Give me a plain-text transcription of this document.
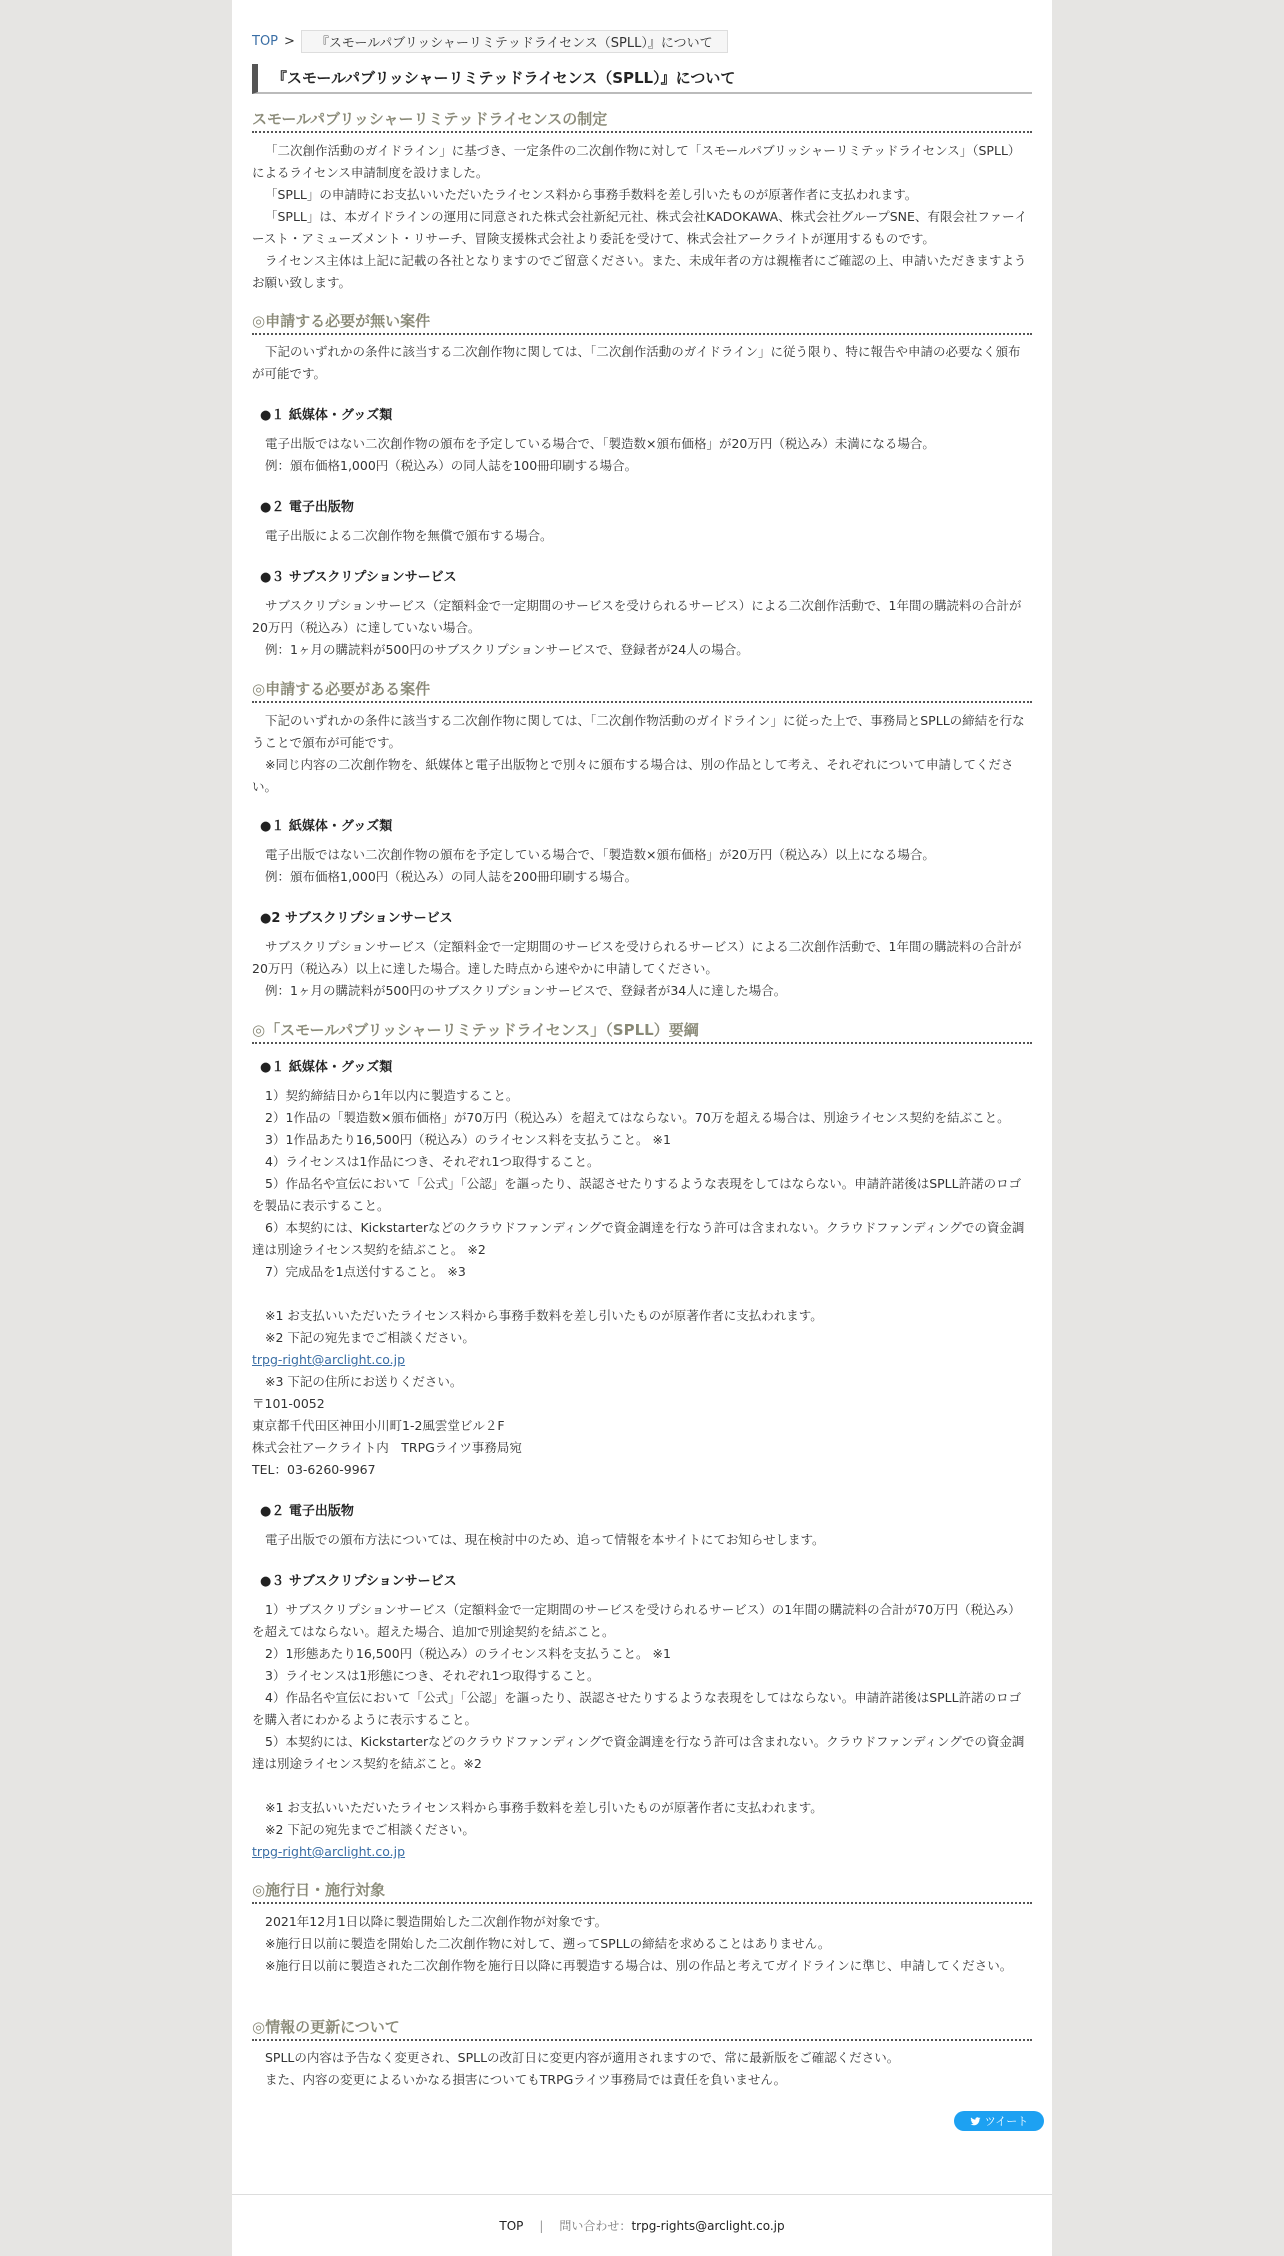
TOP >	『スモールパブリッシャーリミテッドライセンス（SPLL）』について
『スモールパブリッシャーリミテッドライセンス（SPLL）』について
スモールパブリッシャーリミテッドライセンスの制定

「二次創作活動のガイドライン」に基づき、一定条件の二次創作物に対して「スモールパブリッシャーリミテッドライセンス」（SPLL）によるライセンス申請制度を設けました。

「SPLL」の申請時にお支払いいただいたライセンス料から事務手数料を差し引いたものが原著作者に支払われます。

「SPLL」は、本ガイドラインの運用に同意された株式会社新紀元社、株式会社KADOKAWA、株式会社グループSNE、有限会社ファーイースト・アミューズメント・リサーチ、冒険支援株式会社より委託を受けて、株式会社アークライトが運用するものです。

ライセンス主体は上記に記載の各社となりますのでご留意ください。また、未成年者の方は親権者にご確認の上、申請いただきますようお願い致します。

◎申請する必要が無い案件

下記のいずれかの条件に該当する二次創作物に関しては、「二次創作活動のガイドライン」に従う限り、特に報告や申請の必要なく頒布が可能です。

●１ 紙媒体・グッズ類

電子出版ではない二次創作物の頒布を予定している場合で、「製造数×頒布価格」が20万円（税込み）未満になる場合。

例：頒布価格1,000円（税込み）の同人誌を100冊印刷する場合。

●２ 電子出版物

電子出版による二次創作物を無償で頒布する場合。

●３ サブスクリプションサービス

サブスクリプションサービス（定額料金で一定期間のサービスを受けられるサービス）による二次創作活動で、1年間の購読料の合計が20万円（税込み）に達していない場合。

例：1ヶ月の購読料が500円のサブスクリプションサービスで、登録者が24人の場合。

◎申請する必要がある案件

下記のいずれかの条件に該当する二次創作物に関しては、「二次創作物活動のガイドライン」に従った上で、事務局とSPLLの締結を行なうことで頒布が可能です。

※同じ内容の二次創作物を、紙媒体と電子出版物とで別々に頒布する場合は、別の作品として考え、それぞれについて申請してください。

●１ 紙媒体・グッズ類

電子出版ではない二次創作物の頒布を予定している場合で、「製造数×頒布価格」が20万円（税込み）以上になる場合。

例：頒布価格1,000円（税込み）の同人誌を200冊印刷する場合。

●2 サブスクリプションサービス

サブスクリプションサービス（定額料金で一定期間のサービスを受けられるサービス）による二次創作活動で、1年間の購読料の合計が20万円（税込み）以上に達した場合。達した時点から速やかに申請してください。

例：1ヶ月の購読料が500円のサブスクリプションサービスで、登録者が34人に達した場合。

◎「スモールパブリッシャーリミテッドライセンス」（SPLL）要綱
●１ 紙媒体・グッズ類

1）契約締結日から1年以内に製造すること。

2）1作品の「製造数×頒布価格」が70万円（税込み）を超えてはならない。70万を超える場合は、別途ライセンス契約を結ぶこと。

3）1作品あたり16,500円（税込み）のライセンス料を支払うこと。 ※1

4）ライセンスは1作品につき、それぞれ1つ取得すること。

5）作品名や宣伝において「公式」「公認」を謳ったり、誤認させたりするような表現をしてはならない。申請許諾後はSPLL許諾のロゴを製品に表示すること。

6）本契約には、Kickstarterなどのクラウドファンディングで資金調達を行なう許可は含まれない。クラウドファンディングでの資金調達は別途ライセンス契約を結ぶこと。 ※2

7）完成品を1点送付すること。 ※3

※1 お支払いいただいたライセンス料から事務手数料を差し引いたものが原著作者に支払われます。

※2 下記の宛先までご相談ください。

trpg-right@arclight.co.jp

※3 下記の住所にお送りください。

〒101-0052

東京都千代田区神田小川町1-2風雲堂ビル２F

株式会社アークライト内　TRPGライツ事務局宛

TEL：03-6260-9967

●２ 電子出版物

電子出版での頒布方法については、現在検討中のため、追って情報を本サイトにてお知らせします。

●３ サブスクリプションサービス

1）サブスクリプションサービス（定額料金で一定期間のサービスを受けられるサービス）の1年間の購読料の合計が70万円（税込み）を超えてはならない。超えた場合、追加で別途契約を結ぶこと。

2）1形態あたり16,500円（税込み）のライセンス料を支払うこと。 ※1

3）ライセンスは1形態につき、それぞれ1つ取得すること。

4）作品名や宣伝において「公式」「公認」を謳ったり、誤認させたりするような表現をしてはならない。申請許諾後はSPLL許諾のロゴを購入者にわかるように表示すること。

5）本契約には、Kickstarterなどのクラウドファンディングで資金調達を行なう許可は含まれない。クラウドファンディングでの資金調達は別途ライセンス契約を結ぶこと。※2

※1 お支払いいただいたライセンス料から事務手数料を差し引いたものが原著作者に支払われます。

※2 下記の宛先までご相談ください。

trpg-right@arclight.co.jp

◎施行日・施行対象

2021年12月1日以降に製造開始した二次創作物が対象です。

※施行日以前に製造を開始した二次創作物に対して、遡ってSPLLの締結を求めることはありません。

※施行日以前に製造された二次創作物を施行日以降に再製造する場合は、別の作品と考えてガイドラインに準じ、申請してください。

◎情報の更新について

SPLLの内容は予告なく変更され、SPLLの改訂日に変更内容が適用されますので、常に最新版をご確認ください。

また、内容の変更によるいかなる損害についてもTRPGライツ事務局では責任を負いません。

ツイート
TOP | 問い合わせ： trpg-rights@arclight.co.jp
